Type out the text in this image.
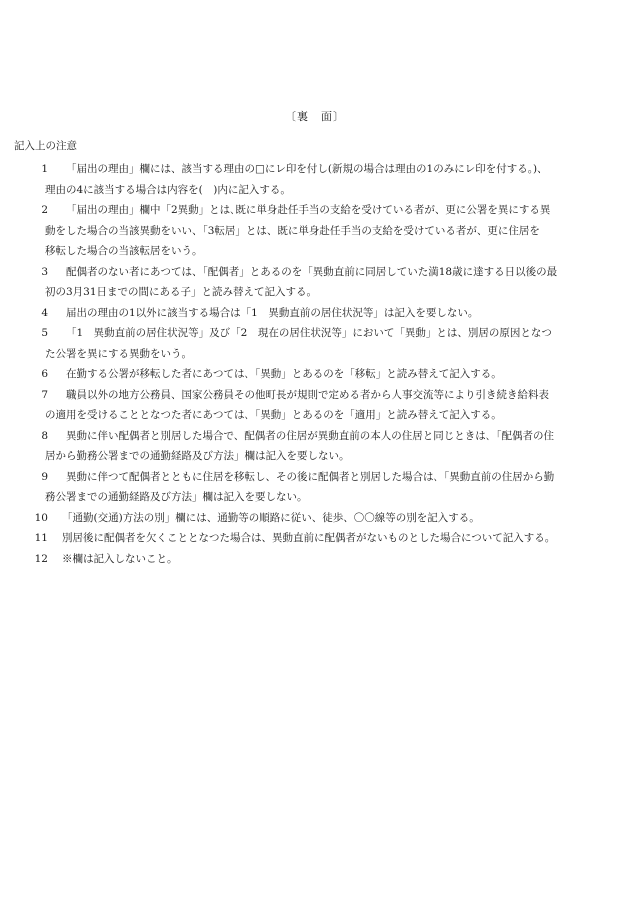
〔裏　面〕
記入上の注意
1 「届出の理由」欄には、該当する理由の□にレ印を付し(新規の場合は理由の1のみにレ印を付する。)、
理由の4に該当する場合は内容を(　)内に記入する。
2 「届出の理由」欄中「2異動」とは､既に単身赴任手当の支給を受けている者が、更に公署を異にする異
動をした場合の当該異動をいい、「3転居」とは、既に単身赴任手当の支給を受けている者が、更に住居を
移転した場合の当該転居をいう。
3 配偶者のない者にあつては、「配偶者」とあるのを「異動直前に同居していた満18歳に達する日以後の最
初の3月31日までの間にある子」と読み替えて記入する。
4 届出の理由の1以外に該当する場合は「1　異動直前の居住状況等」は記入を要しない。
5 「1　異動直前の居住状況等」及び「2　現在の居住状況等」において「異動」とは、別居の原因となつ
た公署を異にする異動をいう。
6 在勤する公署が移転した者にあつては､「異動」とあるのを「移転」と読み替えて記入する。
7 職員以外の地方公務員、国家公務員その他町長が規則で定める者から人事交流等により引き続き給料表
の適用を受けることとなつた者にあつては､「異動」とあるのを「適用」と読み替えて記入する。
8 異動に伴い配偶者と別居した場合で、配偶者の住居が異動直前の本人の住居と同じときは､「配偶者の住
居から勤務公署までの通勤経路及び方法」欄は記入を要しない。
9 異動に伴つて配偶者とともに住居を移転し、その後に配偶者と別居した場合は､「異動直前の住居から勤
務公署までの通勤経路及び方法」欄は記入を要しない。
10 「通勤(交通)方法の別」欄には、通勤等の順路に従い、徒歩、〇〇線等の別を記入する。
11 別居後に配偶者を欠くこととなつた場合は、異動直前に配偶者がないものとした場合について記入する。
12 ※欄は記入しないこと。
